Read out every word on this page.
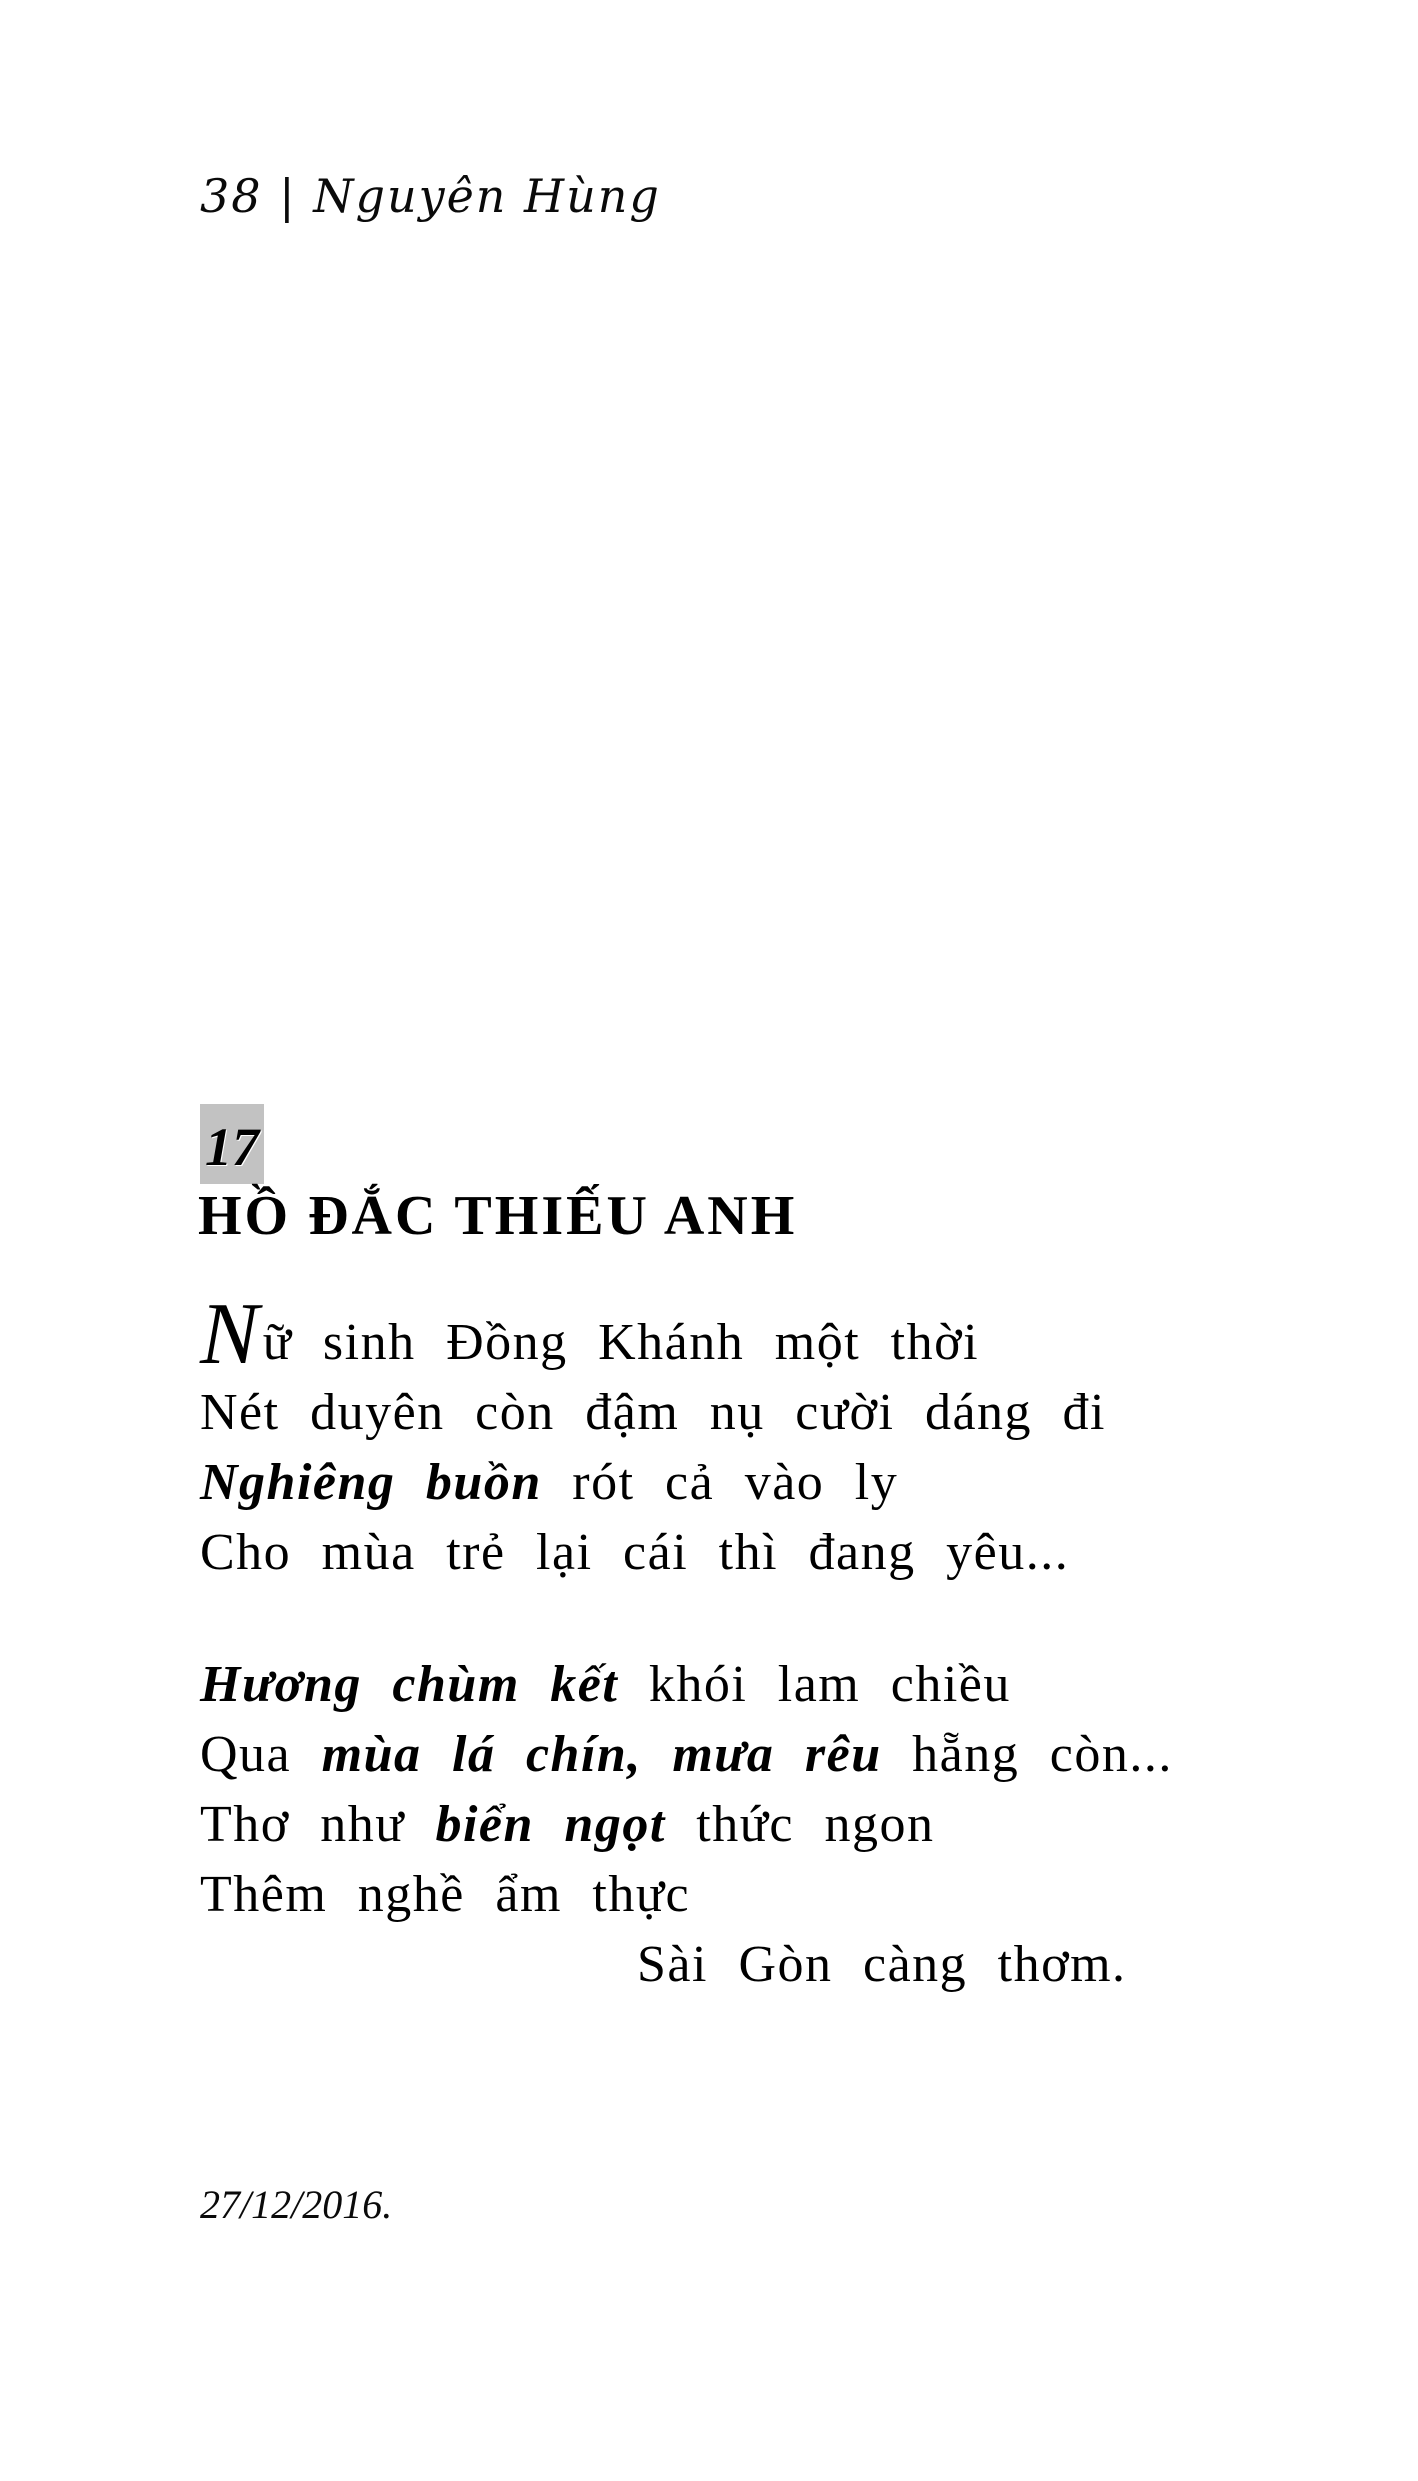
38 | Nguyên Hùng
17
HỒ ĐẮC THIẾU ANH
Nữ sinh Đồng Khánh một thời
Nét duyên còn đậm nụ cười dáng đi
Nghiêng buồn rót cả vào ly
Cho mùa trẻ lại cái thì đang yêu...
Hương chùm kết khói lam chiều
Qua mùa lá chín, mưa rêu hẵng còn...
Thơ như biển ngọt thức ngon
Thêm nghề ẩm thực
Sài Gòn càng thơm.
27/12/2016.
